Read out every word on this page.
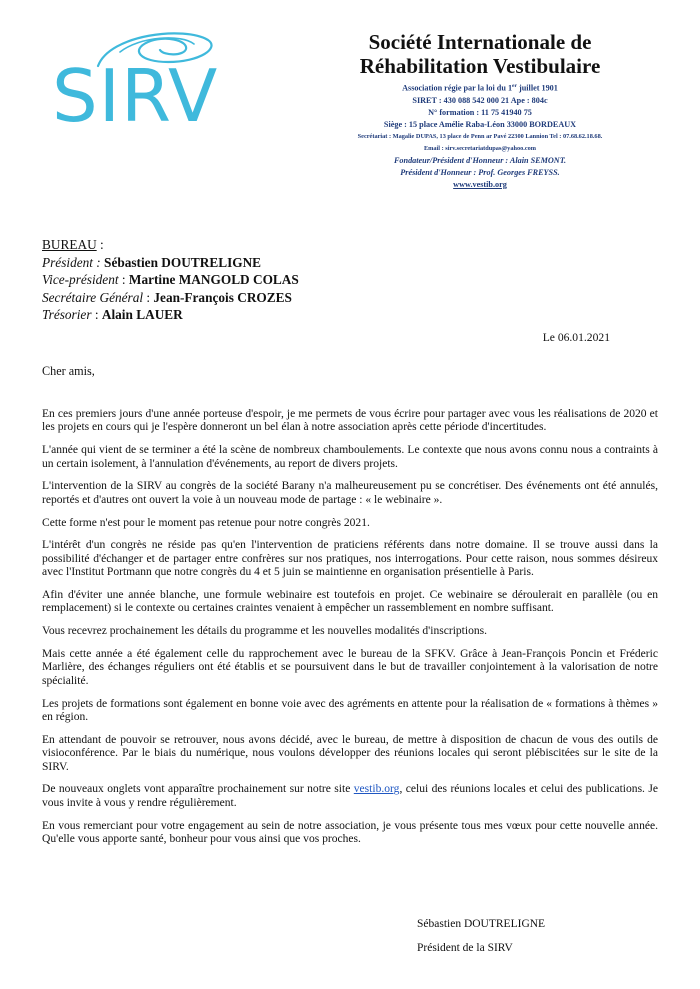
SIRV
Société Internationale de
Réhabilitation Vestibulaire
Association régie par la loi du 1er juillet 1901
SIRET : 430 088 542 000 21 Ape : 804c
N° formation : 11 75 41940 75
Siège : 15 place Amélie Raba-Léon 33000 BORDEAUX
Secrétariat : Magalie DUPAS, 13 place de Penn ar Pavé 22300 Lannion Tel : 07.68.62.18.68.
Email : sirv.secretariatdupas@yahoo.com
Fondateur/Président d'Honneur : Alain SEMONT.
Président d'Honneur : Prof. Georges FREYSS.
www.vestib.org
BUREAU :
Président : Sébastien DOUTRELIGNE
Vice-président : Martine MANGOLD COLAS
Secrétaire Général : Jean-François CROZES
Trésorier : Alain LAUER
Le 06.01.2021
Cher amis,

En ces premiers jours d'une année porteuse d'espoir, je me permets de vous écrire pour partager avec vous les réalisations de 2020 et les projets en cours qui je l'espère donneront un bel élan à notre association après cette période d'incertitudes.

L'année qui vient de se terminer a été la scène de nombreux chamboulements. Le contexte que nous avons connu nous a contraints à un certain isolement, à l'annulation d'événements, au report de divers projets.

L'intervention de la SIRV au congrès de la société Barany n'a malheureusement pu se concrétiser. Des événements ont été annulés, reportés et d'autres ont ouvert la voie à un nouveau mode de partage : « le webinaire ».

Cette forme n'est pour le moment pas retenue pour notre congrès 2021.

L'intérêt d'un congrès ne réside pas qu'en l'intervention de praticiens référents dans notre domaine. Il se trouve aussi dans la possibilité d'échanger et de partager entre confrères sur nos pratiques, nos interrogations. Pour cette raison, nous sommes désireux avec l'Institut Portmann que notre congrès du 4 et 5 juin se maintienne en organisation présentielle à Paris.

Afin d'éviter une année blanche, une formule webinaire est toutefois en projet. Ce webinaire se déroulerait en parallèle (ou en remplacement) si le contexte ou certaines craintes venaient à empêcher un rassemblement en nombre suffisant.

Vous recevrez prochainement les détails du programme et les nouvelles modalités d'inscriptions.

Mais cette année a été également celle du rapprochement avec le bureau de la SFKV. Grâce à Jean-François Poncin et Fréderic Marlière, des échanges réguliers ont été établis et se poursuivent dans le but de travailler conjointement à la valorisation de notre spécialité.

Les projets de formations sont également en bonne voie avec des agréments en attente pour la réalisation de « formations à thèmes » en région.

En attendant de pouvoir se retrouver, nous avons décidé, avec le bureau, de mettre à disposition de chacun de vous des outils de visioconférence. Par le biais du numérique, nous voulons développer des réunions locales qui seront plébiscitées sur le site de la SIRV.

De nouveaux onglets vont apparaître prochainement sur notre site vestib.org, celui des réunions locales et celui des publications. Je vous invite à vous y rendre régulièrement.

En vous remerciant pour votre engagement au sein de notre association, je vous présente tous mes vœux pour cette nouvelle année. Qu'elle vous apporte santé, bonheur pour vous ainsi que vos proches.

Sébastien DOUTRELIGNE
Président de la SIRV
